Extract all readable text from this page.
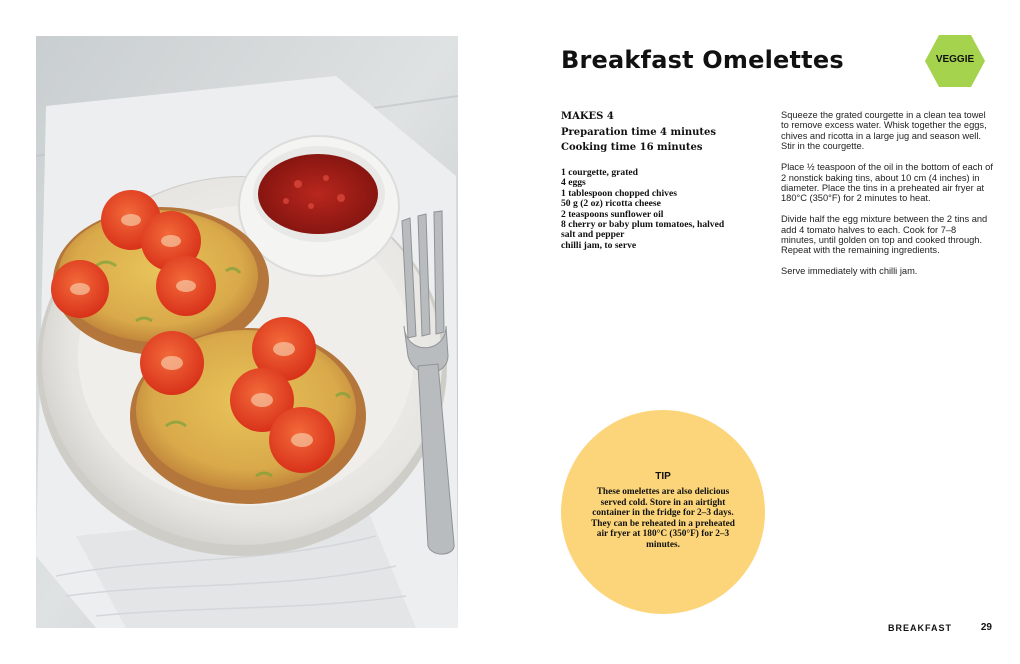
Breakfast Omelettes	VEGGIE
MAKES 4
Preparation time 4 minutes
Cooking time 16 minutes
1 courgette, grated
4 eggs
1 tablespoon chopped chives
50 g (2 oz) ricotta cheese
2 teaspoons sunflower oil
8 cherry or baby plum tomatoes, halved
salt and pepper
chilli jam, to serve

Squeeze the grated courgette in a clean tea towel to remove excess water. Whisk together the eggs, chives and ricotta in a large jug and season well. Stir in the courgette.

Place ½ teaspoon of the oil in the bottom of each of 2 nonstick baking tins, about 10 cm (4 inches) in diameter. Place the tins in a preheated air fryer at 180°C (350°F) for 2 minutes to heat.

Divide half the egg mixture between the 2 tins and add 4 tomato halves to each. Cook for 7–8 minutes, until golden on top and cooked through. Repeat with the remaining ingredients.

Serve immediately with chilli jam.

TIP
These omelettes are also delicious served cold. Store in an airtight container in the fridge for 2–3 days. They can be reheated in a preheated air fryer at 180°C (350°F) for 2–3 minutes.
BREAKFAST	29
